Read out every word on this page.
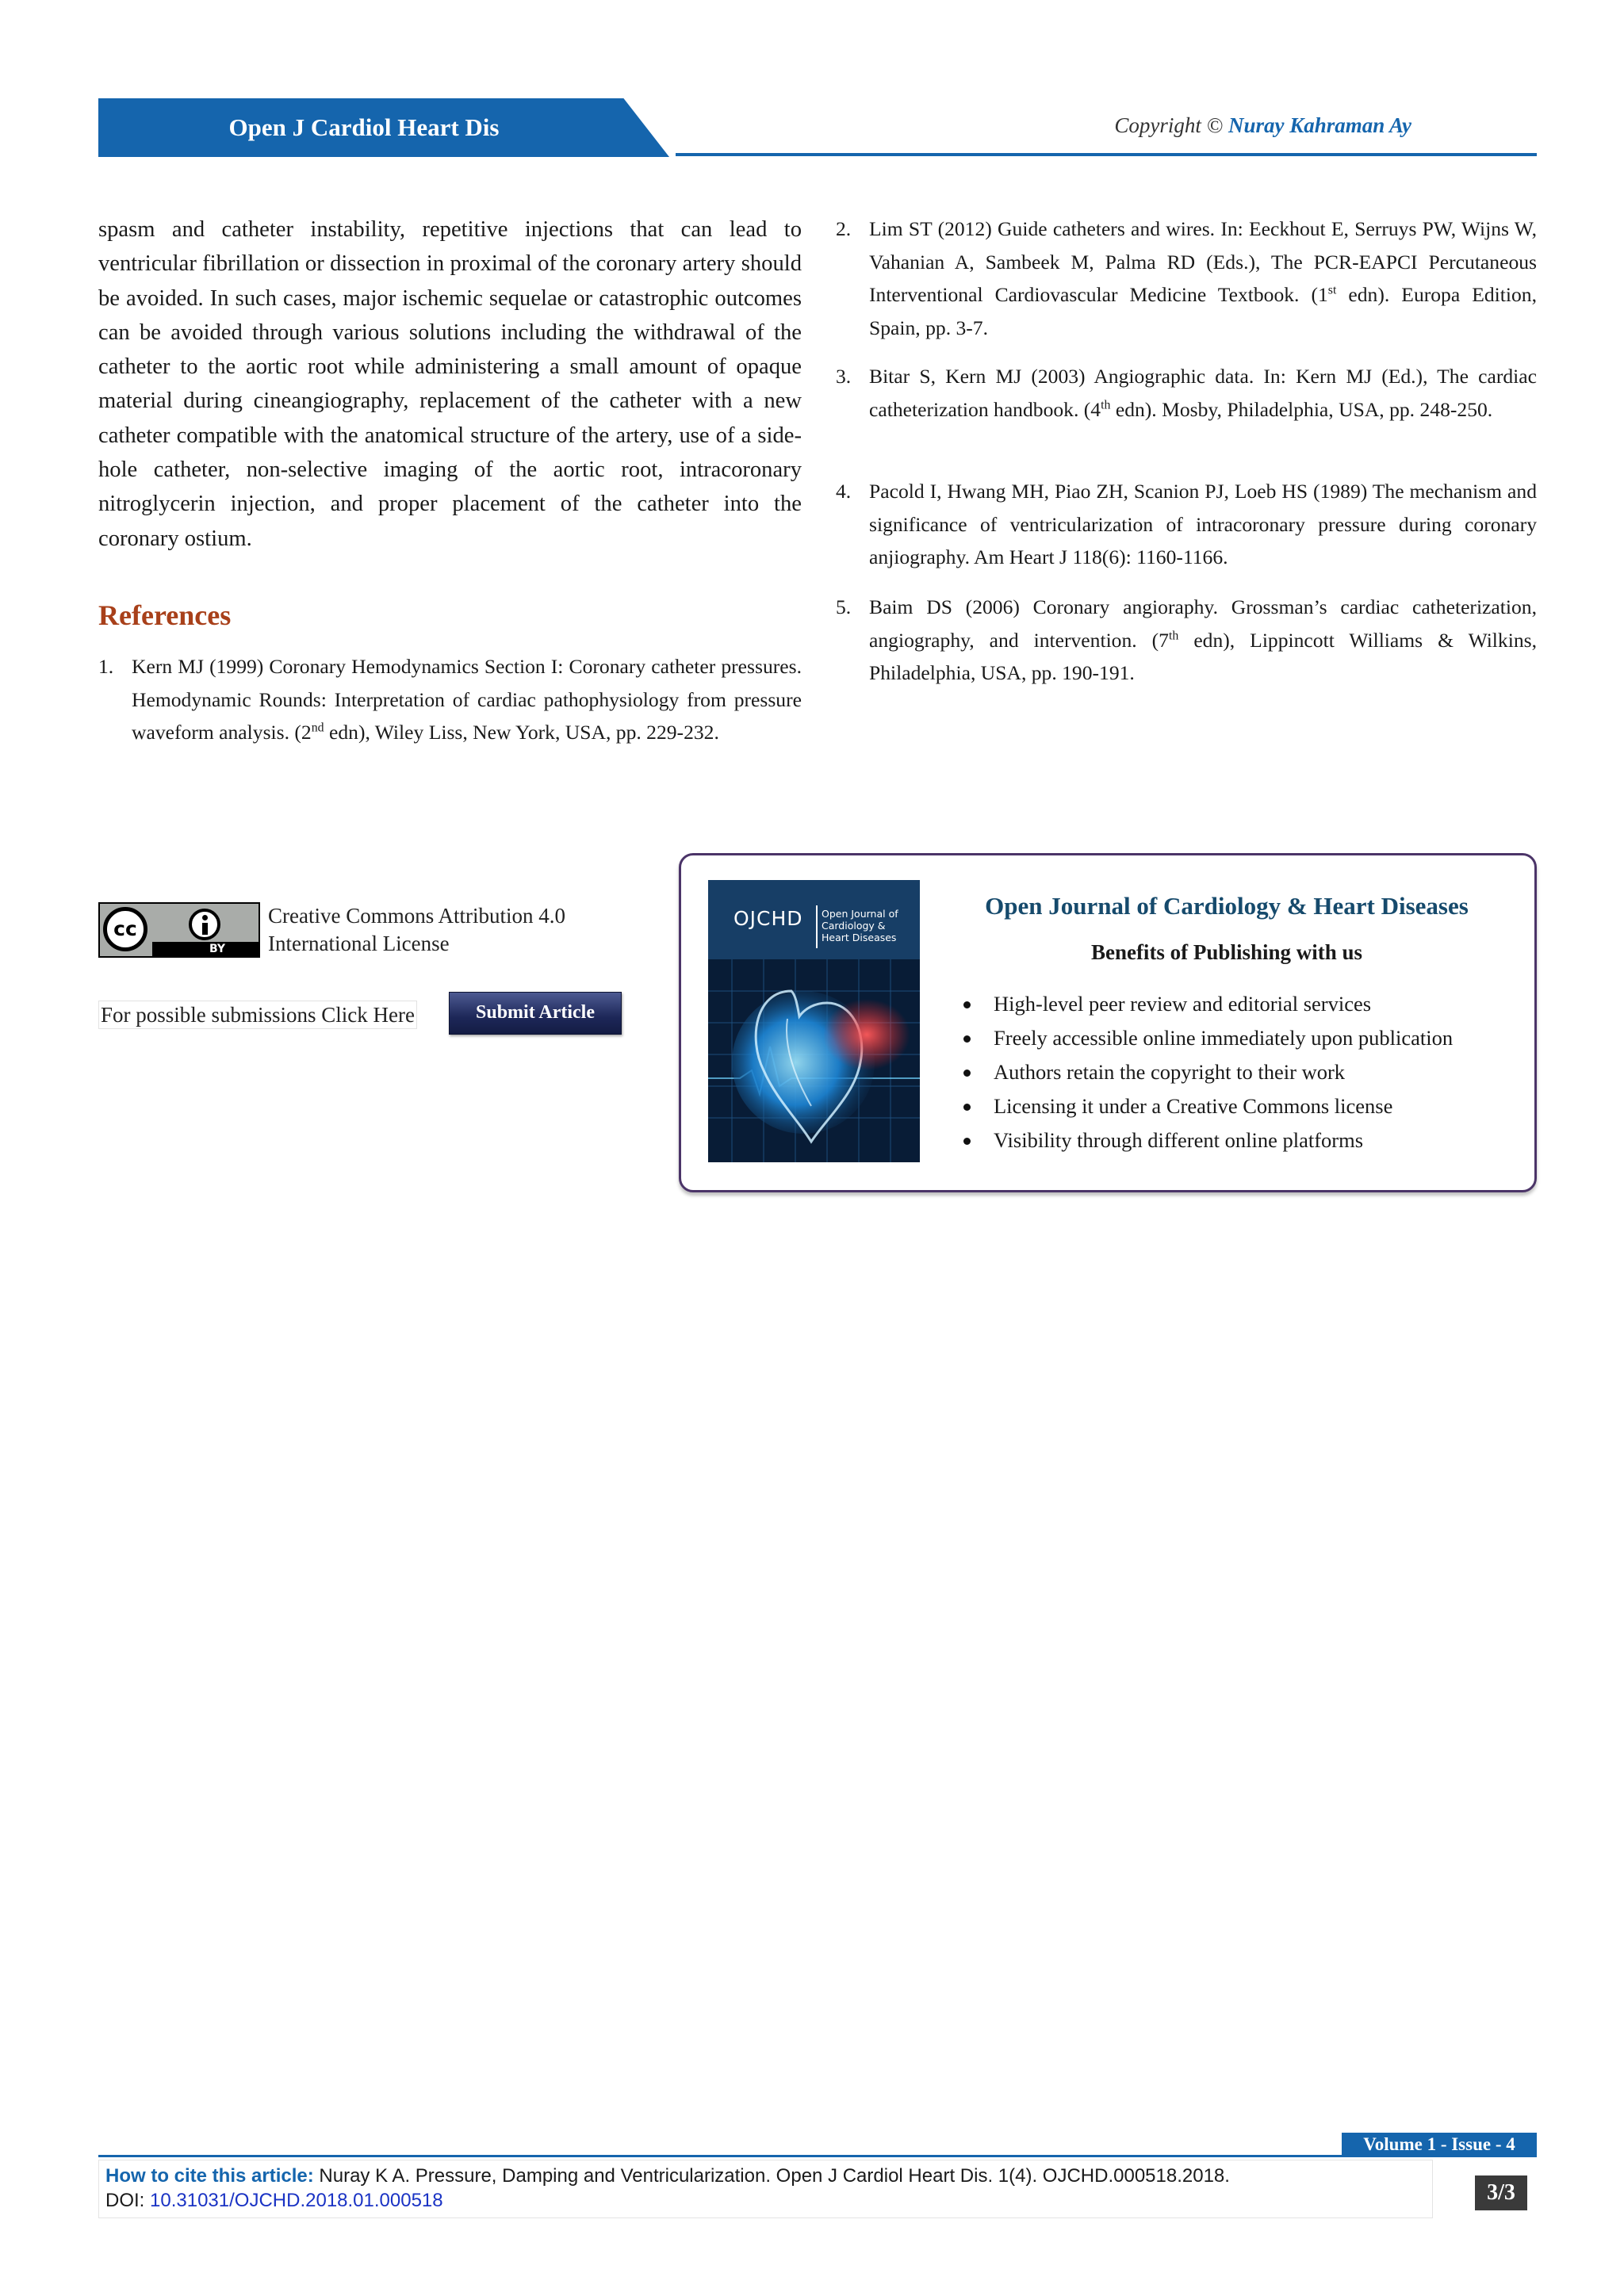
Open J Cardiol Heart Dis	Copyright © Nuray Kahraman Ay
spasm and catheter instability, repetitive injections that can lead to ventricular fibrillation or dissection in proximal of the coronary artery should be avoided. In such cases, major ischemic sequelae or catastrophic outcomes can be avoided through various solutions including the withdrawal of the catheter to the aortic root while administering a small amount of opaque material during cineangiography, replacement of the catheter with a new catheter compatible with the anatomical structure of the artery, use of a side-hole catheter, non-selective imaging of the aortic root, intracoronary nitroglycerin injection, and proper placement of the catheter into the coronary ostium.
References
1. Kern MJ (1999) Coronary Hemodynamics Section I: Coronary catheter pressures. Hemodynamic Rounds: Interpretation of cardiac pathophysiology from pressure waveform analysis. (2nd edn), Wiley Liss, New York, USA, pp. 229-232.
2. Lim ST (2012) Guide catheters and wires. In: Eeckhout E, Serruys PW, Wijns W, Vahanian A, Sambeek M, Palma RD (Eds.), The PCR-EAPCI Percutaneous Interventional Cardiovascular Medicine Textbook. (1st edn). Europa Edition, Spain, pp. 3-7.
3. Bitar S, Kern MJ (2003) Angiographic data. In: Kern MJ (Ed.), The cardiac catheterization handbook. (4th edn). Mosby, Philadelphia, USA, pp. 248-250.
4. Pacold I, Hwang MH, Piao ZH, Scanion PJ, Loeb HS (1989) The mechanism and significance of ventricularization of intracoronary pressure during coronary anjiography. Am Heart J 118(6): 1160-1166.
5. Baim DS (2006) Coronary angioraphy. Grossman’s cardiac catheterization, angiography, and intervention. (7th edn), Lippincott Williams & Wilkins, Philadelphia, USA, pp. 190-191.
cc
BY
Creative Commons Attribution 4.0
International License
For possible submissions Click Here	Submit Article
OJCHD Open Journal of Cardiology & Heart Diseases
Open Journal of Cardiology & Heart Diseases
Benefits of Publishing with us
High-level peer review and editorial services
Freely accessible online immediately upon publication
Authors retain the copyright to their work
Licensing it under a Creative Commons license
Visibility through different online platforms
Volume 1 - Issue - 4
How to cite this article: Nuray K A. Pressure, Damping and Ventricularization. Open J Cardiol Heart Dis. 1(4). OJCHD.000518.2018.
DOI: 10.31031/OJCHD.2018.01.000518	3/3
